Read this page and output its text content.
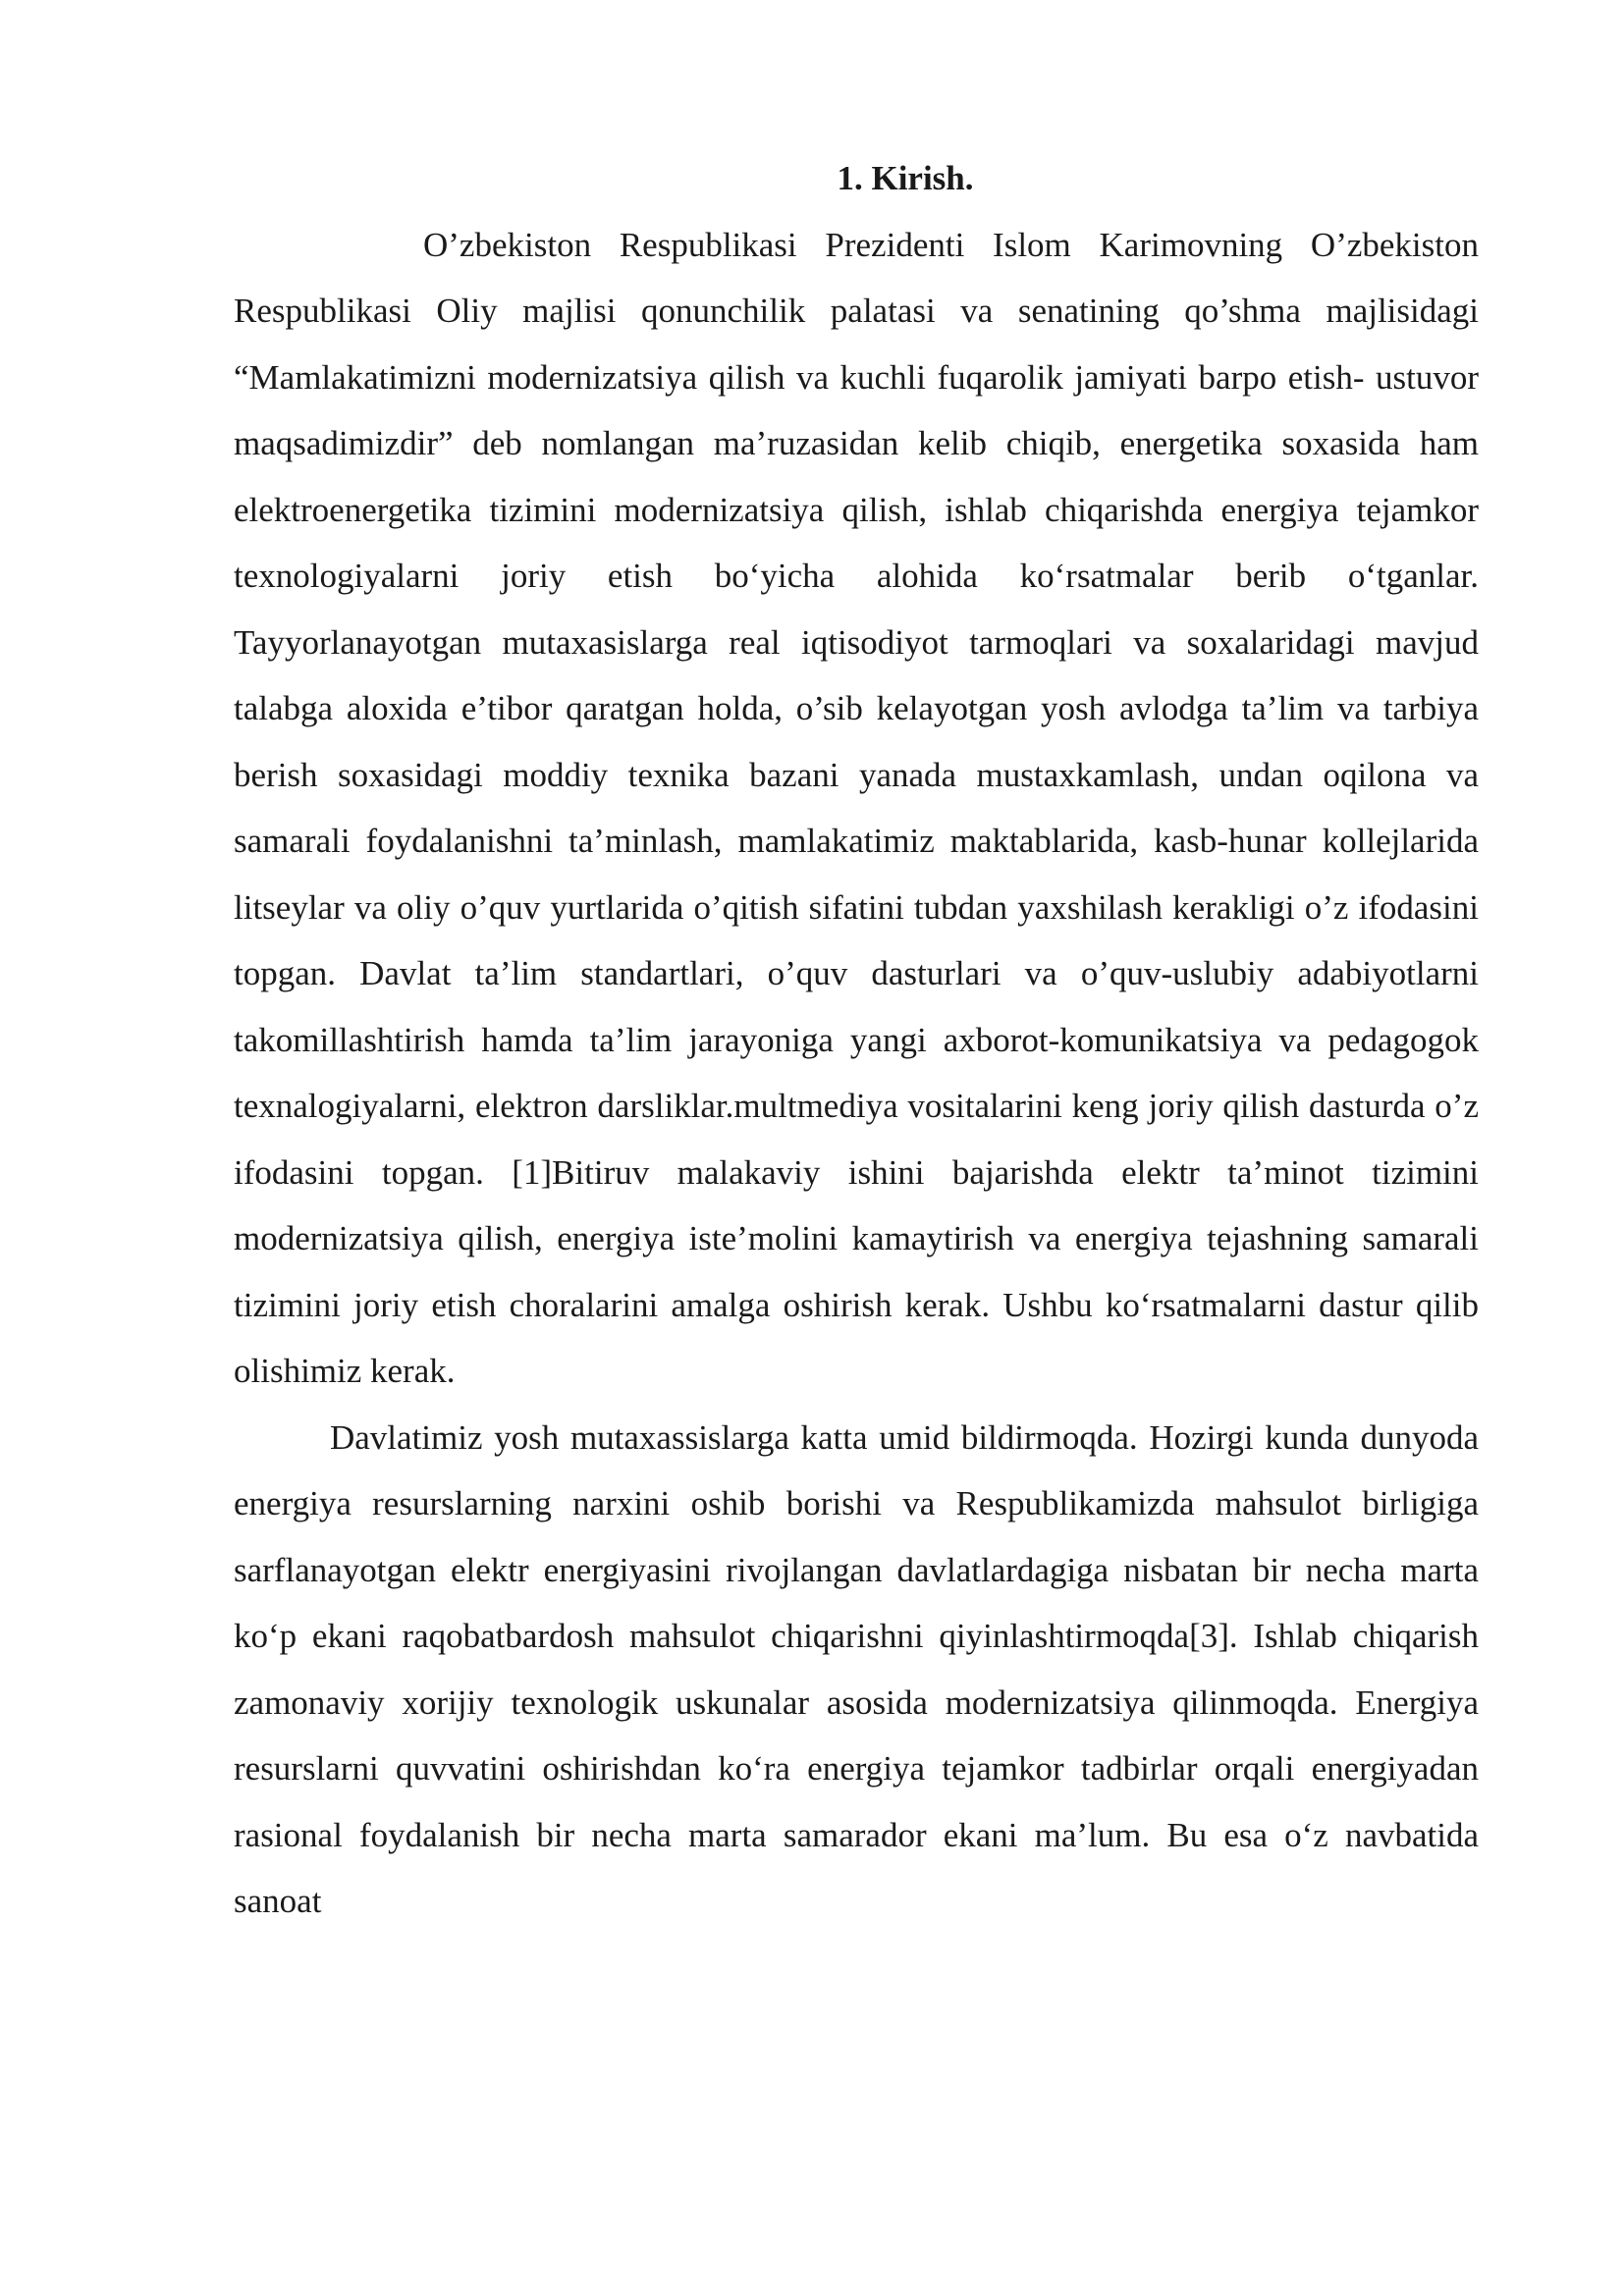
1. Kirish.

O’zbekiston Respublikasi Prezidenti Islom Karimovning O’zbekiston Respublikasi Oliy majlisi qonunchilik palatasi va senatining qo’shma majlisidagi “Mamlakatimizni modernizatsiya qilish va kuchli fuqarolik jamiyati barpo etish- ustuvor maqsadimizdir” deb nomlangan ma’ruzasidan kelib chiqib, energetika soxasida ham elektroenergetika tizimini modernizatsiya qilish, ishlab chiqarishda energiya tejamkor texnologiyalarni joriy etish bo‘yicha alohida ko‘rsatmalar berib o‘tganlar. Tayyorlanayotgan mutaxasislarga real iqtisodiyot tarmoqlari va soxalaridagi mavjud talabga aloxida e’tibor qaratgan holda, o’sib kelayotgan yosh avlodga ta’lim va tarbiya berish soxasidagi moddiy texnika bazani yanada mustaxkamlash, undan oqilona va samarali foydalanishni ta’minlash, mamlakatimiz maktablarida, kasb-hunar kollejlarida litseylar va oliy o’quv yurtlarida o’qitish sifatini tubdan yaxshilash kerakligi o’z ifodasini topgan. Davlat ta’lim standartlari, o’quv dasturlari va o’quv-uslubiy adabiyotlarni takomillashtirish hamda ta’lim jarayoniga yangi axborot-komunikatsiya va pedagogok texnalogiyalarni, elektron darsliklar.multmediya vositalarini keng joriy qilish dasturda o’z ifodasini topgan. [1]Bitiruv malakaviy ishini bajarishda elektr ta’minot tizimini modernizatsiya qilish, energiya iste’molini kamaytirish va energiya tejashning samarali tizimini joriy etish choralarini amalga oshirish kerak. Ushbu ko‘rsatmalarni dastur qilib olishimiz kerak.

Davlatimiz yosh mutaxassislarga katta umid bildirmoqda. Hozirgi kunda dunyoda energiya resurslarning narxini oshib borishi va Respublikamizda mahsulot birligiga sarflanayotgan elektr energiyasini rivojlangan davlatlardagiga nisbatan bir necha marta ko‘p ekani raqobatbardosh mahsulot chiqarishni qiyinlashtirmoqda[3]. Ishlab chiqarish zamonaviy xorijiy texnologik uskunalar asosida modernizatsiya qilinmoqda. Energiya resurslarni quvvatini oshirishdan ko‘ra energiya tejamkor tadbirlar orqali energiyadan rasional foydalanish bir necha marta samarador ekani ma’lum. Bu esa o‘z navbatida sanoat
